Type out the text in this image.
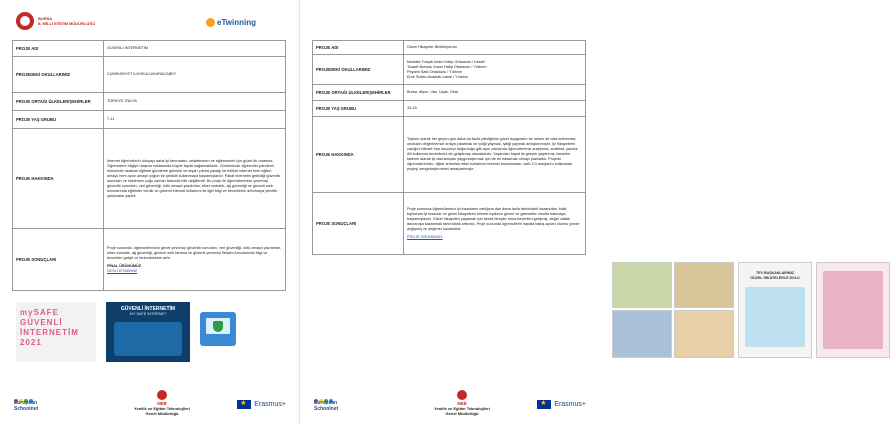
BURSA
İL MİLLİ EĞİTİM MÜDÜRLÜĞÜ	eTwinning
PROJE ADI	GÜVENLİ İNTERNETİM
PROJEDEKİ OKULLARIMIZ	CUMHURİYET İLKOKULU/KARACABEY
PROJE ORTAĞI ÜLKELER/ŞEHİRLER	TÜRKİYE-İTALYA
PROJE YAŞ GRUBU	7-11
PROJE HAKKINDA	İnternet öğrencilerin dünyayı daha iyi tanımaları, keşfetmeleri ve eğlenmeleri için güzel bir ortamdır. Öğrencilere bilgiye ulaşma noktasında büyük fayda sağlamaktadır. Günümüzde öğrenciler pandemi sürecinde uzaktan eğitime gündeme gelmesi ve dışarı çıkma yasağı ile birlikte internet hem eğitim amaçlı hem oyun amaçlı yoğun bir şekilde kullanmaya başlamışlardır. Fakat internetin getirdiği güvenlik sorunları ve risklerinin çoğu zaman farkında bile değillerdir. Bu proje ile öğrencilerimize çevrimiçi güvenlik sorunları, veri güvenliği, kötü amaçlı yazılımlar, siber zorbalık, ağ güvenliği ve güvenli web konularında eğitimler verdik ve güvenli internet kullanımı ile ilgili bilgi ve becerilerini arttırmaya yönelik çalışmalar yaptık.
PROJE SONUÇLARI	Proje sonunda, öğrencilerimizin genel çevrimiçi güvenlik sorunları, veri güvenliği, kötü amaçlı yazılımlar, siber zorbalık, ağ güvenliği, güvenli web tarama ve güvenli çevrimiçi iletişim konularında bilgi ve becerileri gelişti ve farkındalıkları arttı.
FİNAL ÜRÜNÜMÜZ
SESLİ KİTABIMIZ
mySAFE GÜVENLİ İNTERNETİM 2021
GÜVENLİ İNTERNETİM
MY SAFE INTERNET
European
Schoolnet
MEB
Yenilik ve Eğitim Teknolojileri
Genel Müdürlüğü
★
Erasmus+
PROJE ADI	Güzel Hikayeler Biriktiriyorum
PROJEDEKİ OKULLARIMIZ	Mustafa Turşak İmam Hatip Ortaokulu / Kestel
Ticaret Borsası İmam Hatip Ortaokulu / Yıldırım
Peyami Safa Ortaokulu / Yıldırım
Emir Sultan Anadolu Lisesi / Yıldırım
PROJE ORTAĞI ÜLKELER/ŞEHİRLER	Bursa, Afyon, Van, Uşak, Ordu
PROJE YAŞ GRUBU	10-15
PROJE HAKKINDA	Toplum olarak her geçen gün daha da fazla yitirdiğimiz güzel duyguların bir nebze de olsa artırılması, unutulan değerlerimizi ortaya çıkarmak ve iyiliği yaymak, iyiliği yaymak amaçlanmıştır. İyi hikayelerin varlığını bilmek hep mucizeyi doğurduğu gibi aynı zamanda öğrencilerimiz araştırma, anlatma, yazma, dili kullanma becerilerini de geliştirmiş olacaklardır. Yaşanılan hayat ile gerçek yaşanmış örnekleri kaleme alarak iyi davranışları yaygınlaştırmak için de bir basamak olmayı planladık. Projede öğrencilerimizin, dijital ortamları etkin kullanma becerisi kazanmaları, web 2.0 araçlarını kullanarak projeyi zenginleştirmeleri amaçlanmıştır.
PROJE SONUÇLARI	Proje sonunda öğrencilerimiz iyi insanların varlığına dair daha fazla farkındalık kazandılar. Halk toplumda iyi insanlar ve güzel hikayelerin bilerek toplumu güven ve gelecekte umutla bakmaya başlamışlardır. Güzel hikayeleri yaşamak için istekli bireyler olma becerileri gelişmiş, değer odaklı davranışa kazanmak farkındalık arttırıldı. Proje sonunda öğrencilerin hayata bakış açıları olumlu yönde değişmiş ve değerler kazandılar.
PROJE ÜRÜNÜMÜZ
TEV BAŞKANLARIMIZ
GÜZEL HİKAYELERLE DOLU
European
Schoolnet
MEB
Yenilik ve Eğitim Teknolojileri
Genel Müdürlüğü
★
Erasmus+
